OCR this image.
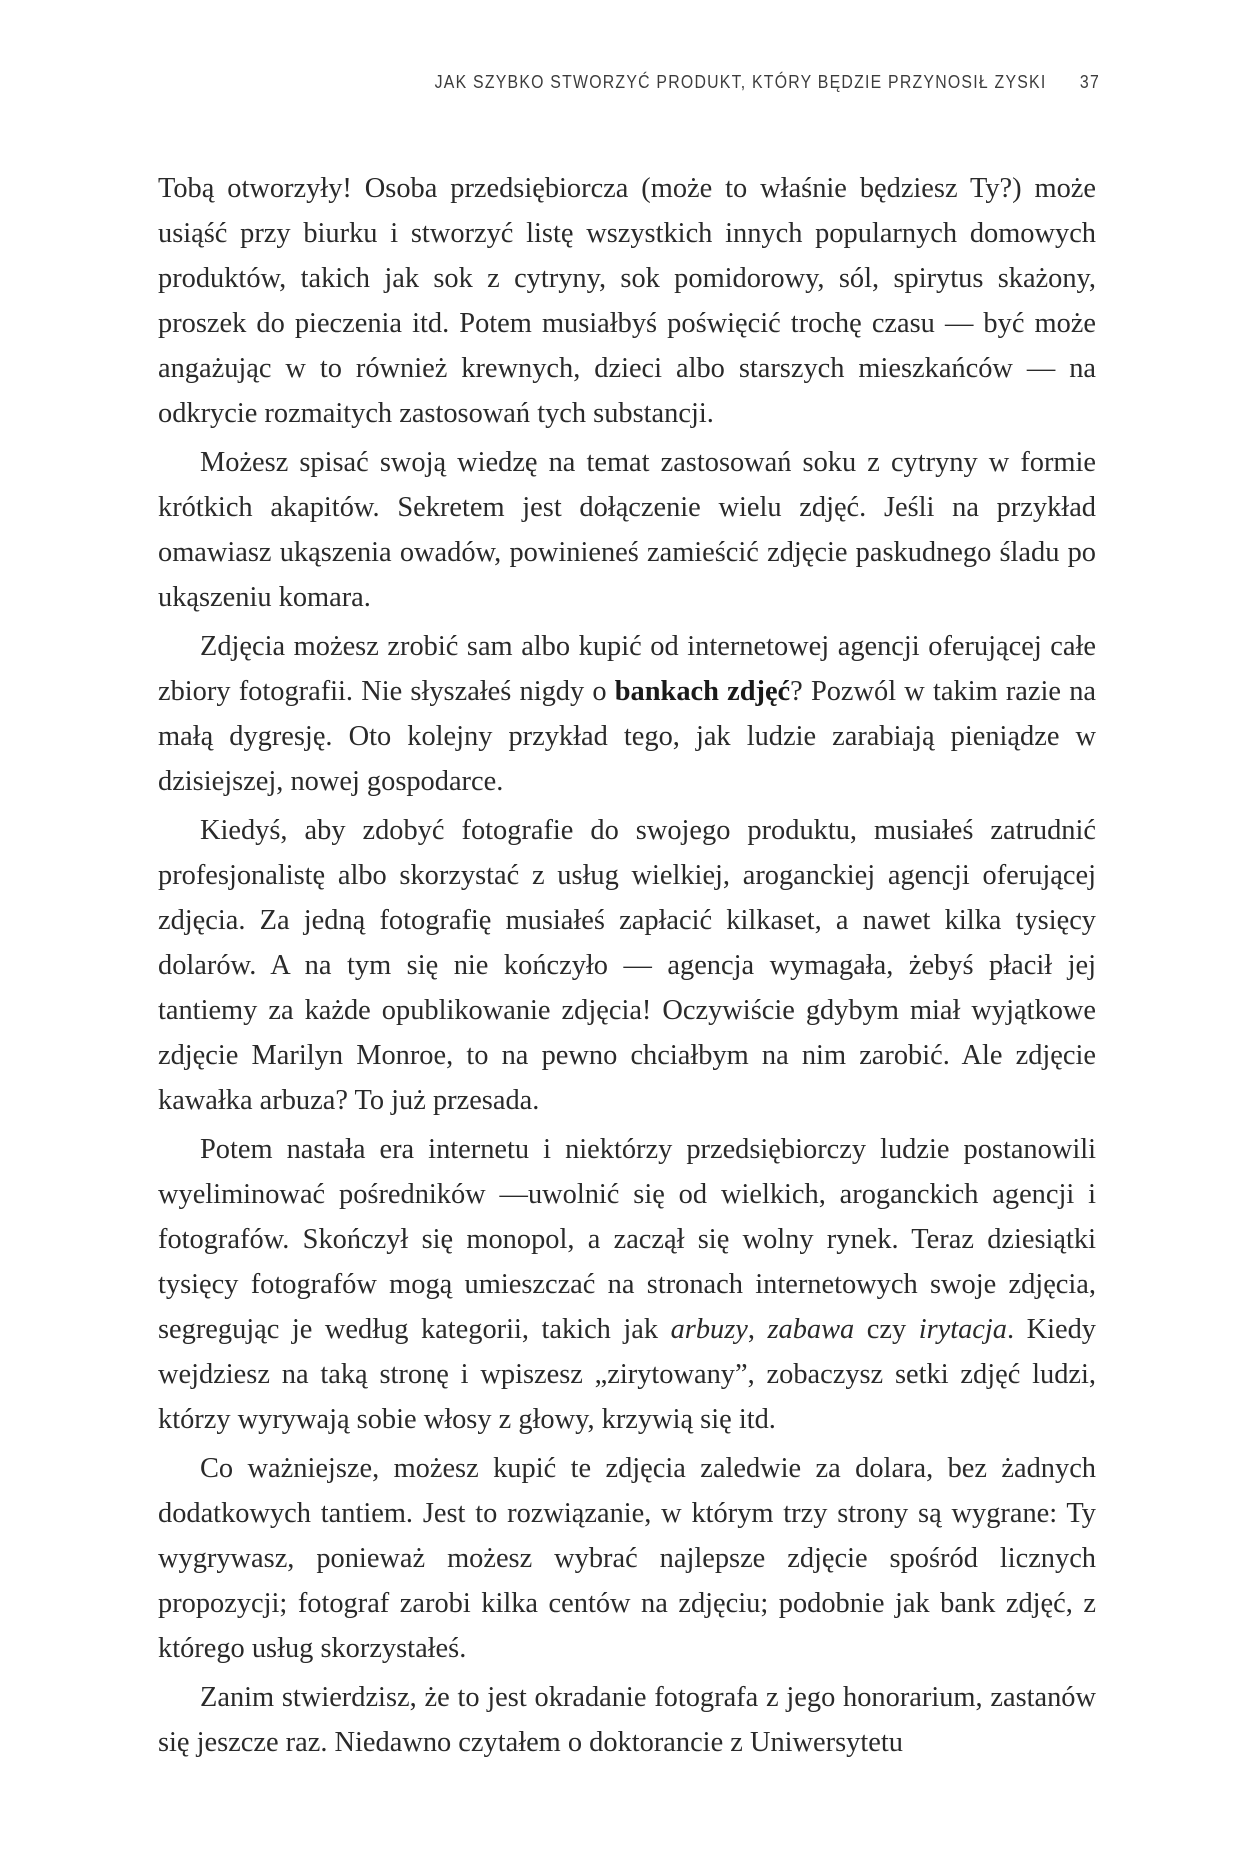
JAK SZYBKO STWORZYĆ PRODUKT, KTÓRY BĘDZIE PRZYNOSIŁ ZYSKI 37

Tobą otworzyły! Osoba przedsiębiorcza (może to właśnie będziesz Ty?) może usiąść przy biurku i stworzyć listę wszystkich innych popularnych domowych produktów, takich jak sok z cytryny, sok pomidorowy, sól, spirytus skażony, proszek do pieczenia itd. Potem musiałbyś poświęcić trochę czasu — być może angażując w to również krewnych, dzieci albo starszych mieszkańców — na odkrycie rozmaitych zastosowań tych substancji.

Możesz spisać swoją wiedzę na temat zastosowań soku z cytryny w formie krótkich akapitów. Sekretem jest dołączenie wielu zdjęć. Jeśli na przykład omawiasz ukąszenia owadów, powinieneś zamieścić zdjęcie paskudnego śladu po ukąszeniu komara.

Zdjęcia możesz zrobić sam albo kupić od internetowej agencji oferującej całe zbiory fotografii. Nie słyszałeś nigdy o bankach zdjęć? Pozwól w takim razie na małą dygresję. Oto kolejny przykład tego, jak ludzie zarabiają pieniądze w dzisiejszej, nowej gospodarce.

Kiedyś, aby zdobyć fotografie do swojego produktu, musiałeś zatrudnić profesjonalistę albo skorzystać z usług wielkiej, aroganckiej agencji oferującej zdjęcia. Za jedną fotografię musiałeś zapłacić kilkaset, a nawet kilka tysięcy dolarów. A na tym się nie kończyło — agencja wymagała, żebyś płacił jej tantiemy za każde opublikowanie zdjęcia! Oczywiście gdybym miał wyjątkowe zdjęcie Marilyn Monroe, to na pewno chciałbym na nim zarobić. Ale zdjęcie kawałka arbuza? To już przesada.

Potem nastała era internetu i niektórzy przedsiębiorczy ludzie postanowili wyeliminować pośredników —uwolnić się od wielkich, aroganckich agencji i fotografów. Skończył się monopol, a zaczął się wolny rynek. Teraz dziesiątki tysięcy fotografów mogą umieszczać na stronach internetowych swoje zdjęcia, segregując je według kategorii, takich jak arbuzy, zabawa czy irytacja. Kiedy wejdziesz na taką stronę i wpiszesz „zirytowany”, zobaczysz setki zdjęć ludzi, którzy wyrywają sobie włosy z głowy, krzywią się itd.

Co ważniejsze, możesz kupić te zdjęcia zaledwie za dolara, bez żadnych dodatkowych tantiem. Jest to rozwiązanie, w którym trzy strony są wygrane: Ty wygrywasz, ponieważ możesz wybrać najlepsze zdjęcie spośród licznych propozycji; fotograf zarobi kilka centów na zdjęciu; podobnie jak bank zdjęć, z którego usług skorzystałeś.

Zanim stwierdzisz, że to jest okradanie fotografa z jego honorarium, zastanów się jeszcze raz. Niedawno czytałem o doktorancie z Uniwersytetu
